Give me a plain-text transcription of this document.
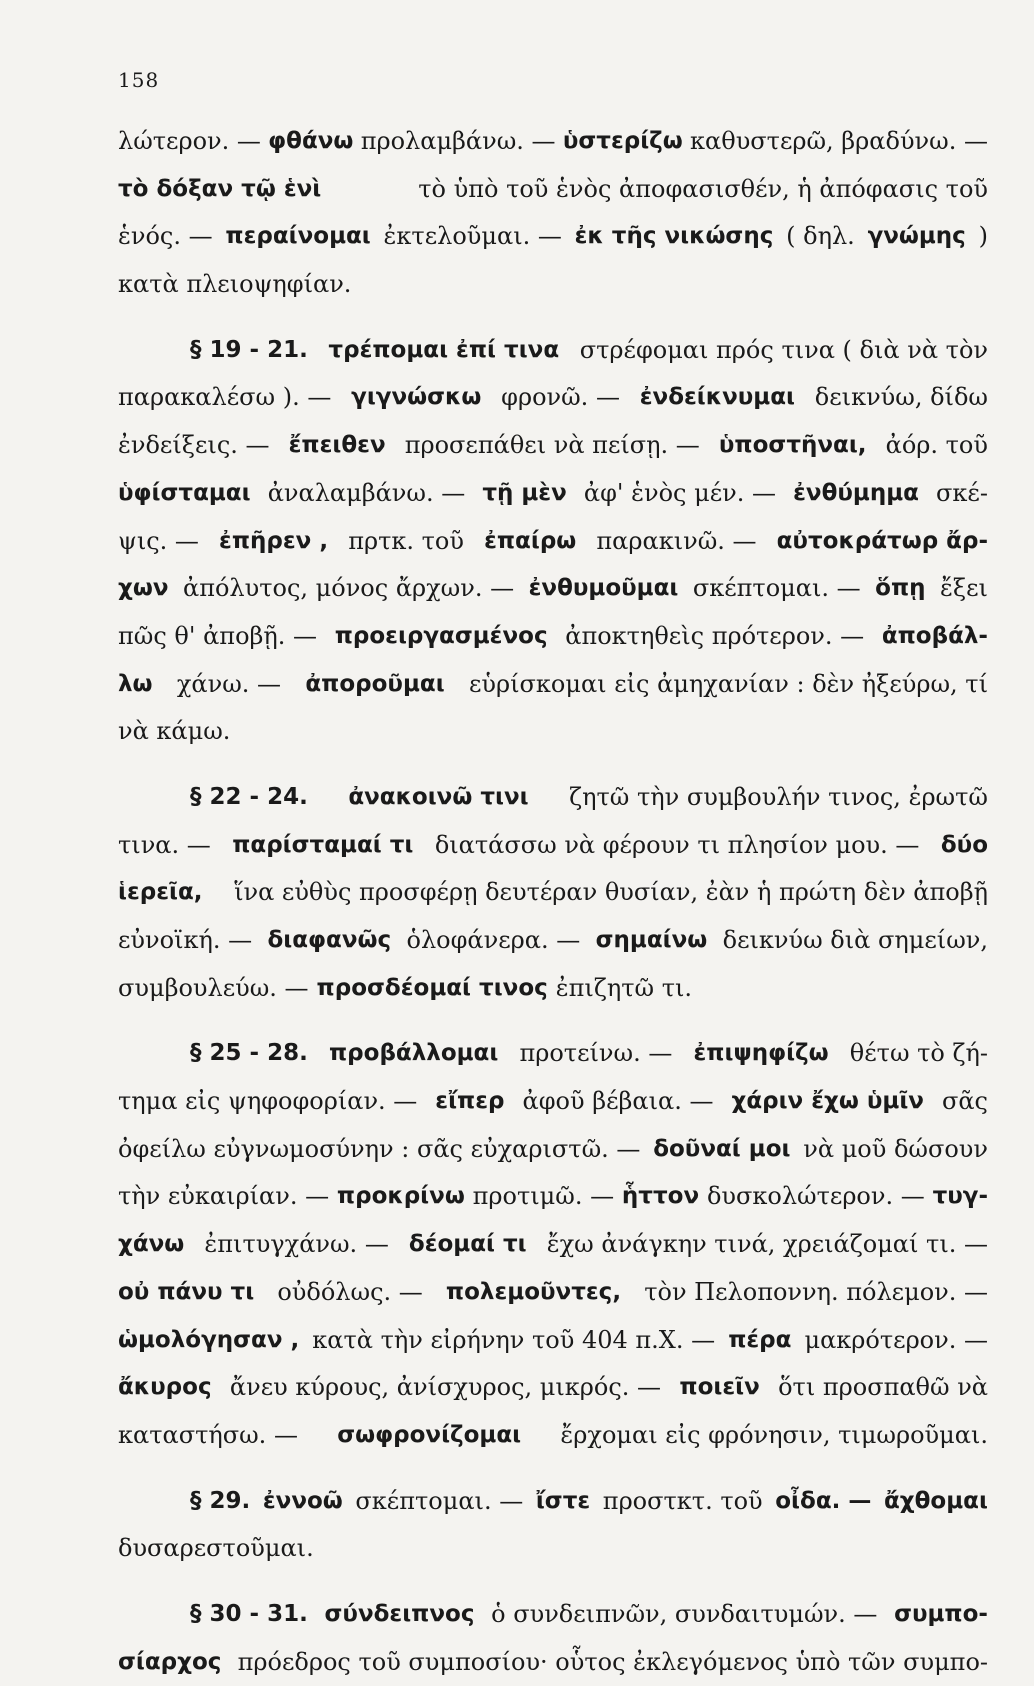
158
λώτερον. — φθάνω προλαμβάνω. — ὑστερίζω καθυστερῶ, βραδύνω. —
τὸ δόξαν τῷ ἑνὶ	τὸ ὑπὸ τοῦ ἑνὸς ἀποφασισθέν, ἡ ἀπόφασις τοῦ
ἑνός. — περαίνομαι ἐκτελοῦμαι. — ἐκ τῆς νικώσης ( δηλ. γνώμης )
κατὰ πλειοψηφίαν.
§ 19 - 21. τρέπομαι ἐπί τινα στρέφομαι πρός τινα ( διὰ νὰ τὸν
παρακαλέσω ). — γιγνώσκω φρονῶ. — ἐνδείκνυμαι δεικνύω, δίδω
ἐνδείξεις. — ἔπειθεν προσεπάθει νὰ πείσῃ. — ὑποστῆναι, ἀόρ. τοῦ
ὑφίσταμαι ἀναλαμβάνω. — τῇ μὲν ἀφ' ἑνὸς μέν. — ἐνθύμημα σκέ-
ψις. — ἐπῆρεν , πρτκ. τοῦ ἐπαίρω παρακινῶ. — αὐτοκράτωρ ἄρ-
χων ἀπόλυτος, μόνος ἄρχων. — ἐνθυμοῦμαι σκέπτομαι. — ὅπῃ ἔξει
πῶς θ' ἀποβῇ. — προειργασμένος ἀποκτηθεὶς πρότερον. — ἀποβάλ-
λω χάνω. — ἀποροῦμαι εὑρίσκομαι εἰς ἀμηχανίαν : δὲν ἠξεύρω, τί
νὰ κάμω.
§ 22 - 24. ἀνακοινῶ τινι ζητῶ τὴν συμβουλήν τινος, ἐρωτῶ
τινα. — παρίσταμαί τι διατάσσω νὰ φέρουν τι πλησίον μου. — δύο
ἱερεῖα, ἵνα εὐθὺς προσφέρῃ δευτέραν θυσίαν, ἐὰν ἡ πρώτη δὲν ἀποβῇ
εὐνοϊκή. — διαφανῶς ὁλοφάνερα. — σημαίνω δεικνύω διὰ σημείων,
συμβουλεύω. — προσδέομαί τινος ἐπιζητῶ τι.
§ 25 - 28. προβάλλομαι προτείνω. — ἐπιψηφίζω θέτω τὸ ζή-
τημα εἰς ψηφοφορίαν. — εἴπερ ἀφοῦ βέβαια. — χάριν ἔχω ὑμῖν σᾶς
ὀφείλω εὐγνωμοσύνην : σᾶς εὐχαριστῶ. — δοῦναί μοι νὰ μοῦ δώσουν
τὴν εὐκαιρίαν. — προκρίνω προτιμῶ. — ἧττον δυσκολώτερον. — τυγ-
χάνω ἐπιτυγχάνω. — δέομαί τι ἔχω ἀνάγκην τινά, χρειάζομαί τι. —
οὐ πάνυ τι οὐδόλως. — πολεμοῦντες, τὸν Πελοποννη. πόλεμον. —
ὡμολόγησαν , κατὰ τὴν εἰρήνην τοῦ 404 π.Χ. — πέρα μακρότερον. —
ἄκυρος ἄνευ κύρους, ἀνίσχυρος, μικρός. — ποιεῖν ὅτι προσπαθῶ νὰ
καταστήσω. — σωφρονίζομαι ἔρχομαι εἰς φρόνησιν, τιμωροῦμαι.
§ 29. ἐννοῶ σκέπτομαι. — ἴστε προστκτ. τοῦ οἶδα. — ἄχθομαι
δυσαρεστοῦμαι.
§ 30 - 31. σύνδειπνος ὁ συνδειπνῶν, συνδαιτυμών. — συμπο-
σίαρχος πρόεδρος τοῦ συμποσίου· οὗτος ἐκλεγόμενος ὑπὸ τῶν συμπο-
